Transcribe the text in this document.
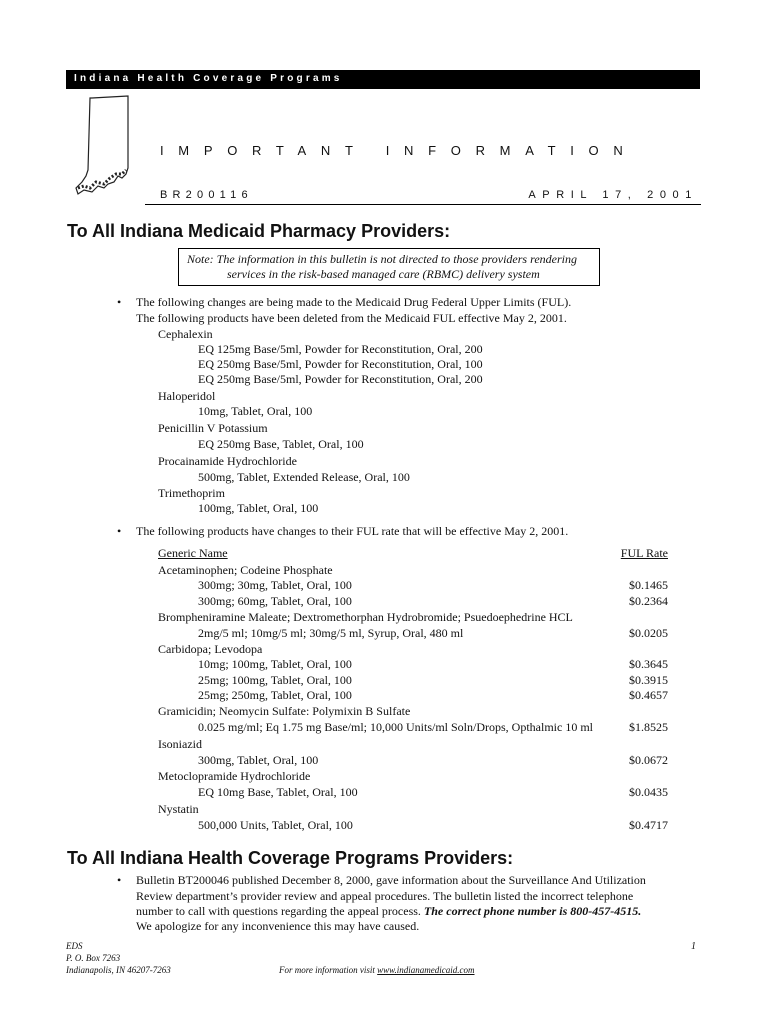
Indiana Health Coverage Programs
IMPORTANT INFORMATION
BR200116	APRIL 17, 2001
To All Indiana Medicaid Pharmacy Providers:
Note: The information in this bulletin is not directed to those providers rendering
services in the risk-based managed care (RBMC) delivery system
• The following changes are being made to the Medicaid Drug Federal Upper Limits (FUL).
The following products have been deleted from the Medicaid FUL effective May 2, 2001.
Cephalexin
EQ 125mg Base/5ml, Powder for Reconstitution, Oral, 200
EQ 250mg Base/5ml, Powder for Reconstitution, Oral, 100
EQ 250mg Base/5ml, Powder for Reconstitution, Oral, 200
Haloperidol
10mg, Tablet, Oral, 100
Penicillin V Potassium
EQ 250mg Base, Tablet, Oral, 100
Procainamide Hydrochloride
500mg, Tablet, Extended Release, Oral, 100
Trimethoprim
100mg, Tablet, Oral, 100
• The following products have changes to their FUL rate that will be effective May 2, 2001.
Generic Name	FUL Rate
Acetaminophen; Codeine Phosphate
300mg; 30mg, Tablet, Oral, 100	$0.1465
300mg; 60mg, Tablet, Oral, 100	$0.2364
Brompheniramine Maleate; Dextromethorphan Hydrobromide; Psuedoephedrine HCL
2mg/5 ml; 10mg/5 ml; 30mg/5 ml, Syrup, Oral, 480 ml	$0.0205
Carbidopa; Levodopa
10mg; 100mg, Tablet, Oral, 100	$0.3645
25mg; 100mg, Tablet, Oral, 100	$0.3915
25mg; 250mg, Tablet, Oral, 100	$0.4657
Gramicidin; Neomycin Sulfate: Polymixin B Sulfate
0.025 mg/ml; Eq 1.75 mg Base/ml; 10,000 Units/ml Soln/Drops, Opthalmic 10 ml	$1.8525
Isoniazid
300mg, Tablet, Oral, 100	$0.0672
Metoclopramide Hydrochloride
EQ 10mg Base, Tablet, Oral, 100	$0.0435
Nystatin
500,000 Units, Tablet, Oral, 100	$0.4717
To All Indiana Health Coverage Programs Providers:
• Bulletin BT200046 published December 8, 2000, gave information about the Surveillance And Utilization
Review department’s provider review and appeal procedures. The bulletin listed the incorrect telephone
number to call with questions regarding the appeal process. The correct phone number is 800-457-4515.
We apologize for any inconvenience this may have caused.
EDS
P. O. Box 7263
Indianapolis, IN 46207-7263	For more information visit www.indianamedicaid.com
1
